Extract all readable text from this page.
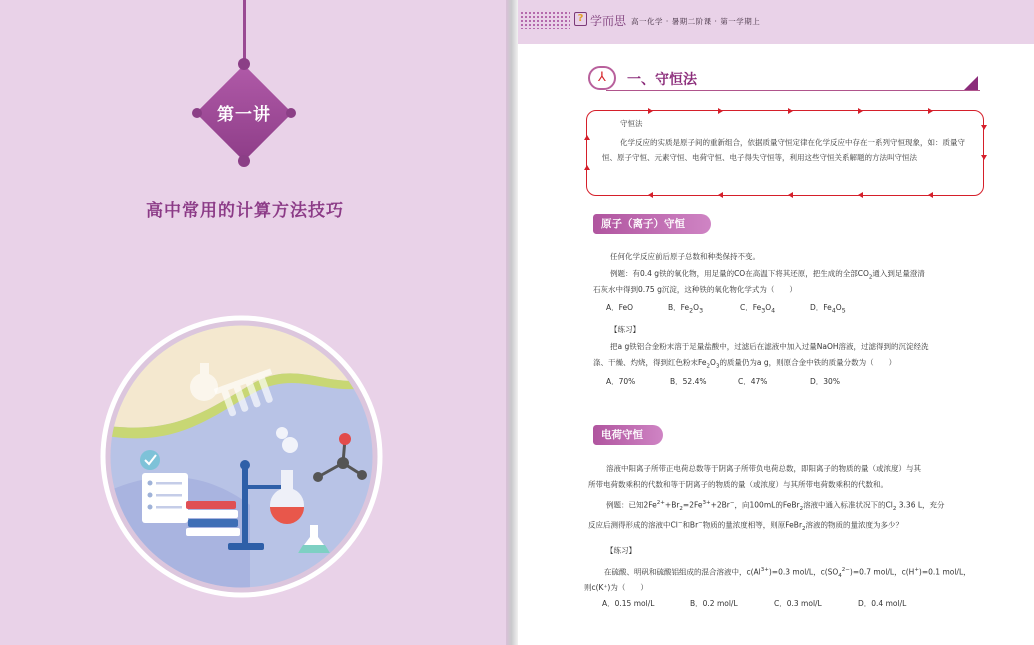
第一讲
高中常用的计算方法技巧
? 学而思 高一化学 · 暑期二阶课 · 第一学期上
⅄	一、守恒法
守恒法
化学反应的实质是原子间的重新组合，依据质量守恒定律在化学反应中存在一系列守恒现象，如：质量守恒、原子守恒、元素守恒、电荷守恒、电子得失守恒等，利用这些守恒关系解题的方法叫守恒法
原子（离子）守恒
任何化学反应前后原子总数和种类保持不变。
例题：有0.4 g铁的氧化物，用足量的CO在高温下将其还原，把生成的全部$CO_2$通入到足量澄清
石灰水中得到0.75 g沉淀，这种铁的氧化物化学式为（　　）
A．FeO	B．$Fe_2O_3$	C．$Fe_3O_4$	D．$Fe_4O_5$
【练习】
把a g铁铝合金粉末溶于足量盐酸中，过滤后在滤液中加入过量NaOH溶液，过滤得到的沉淀经洗
涤、干燥、灼烧，得到红色粉末$Fe_2O_3$的质量仍为a g，则原合金中铁的质量分数为（　　）
A．70%	B．52.4%	C．47%	D．30%
电荷守恒
溶液中阳离子所带正电荷总数等于阴离子所带负电荷总数，即阳离子的物质的量（或浓度）与其
所带电荷数乘积的代数和等于阴离子的物质的量（或浓度）与其所带电荷数乘积的代数和。
例题：已知$2Fe^{2+}+Br_2=2Fe^{3+}+2Br^-$，向100mL的FeBr$_2$溶液中通入标准状况下的$Cl_2$ 3.36 L，充分
反应后测得形成的溶液中Cl−和Br−物质的量浓度相等，则原FeBr$_2$溶液的物质的量浓度为多少？
【练习】
在硫酸、明矾和硫酸铝组成的混合溶液中，$c(Al^{3+})=0.3$ mol/L，$c(SO_4^{2-})=0.7$ mol/L，c(H+)=0.1 mol/L，
则c(K⁺)为（　　）
A．0.15 mol/L	B．0.2 mol/L	C．0.3 mol/L	D．0.4 mol/L
